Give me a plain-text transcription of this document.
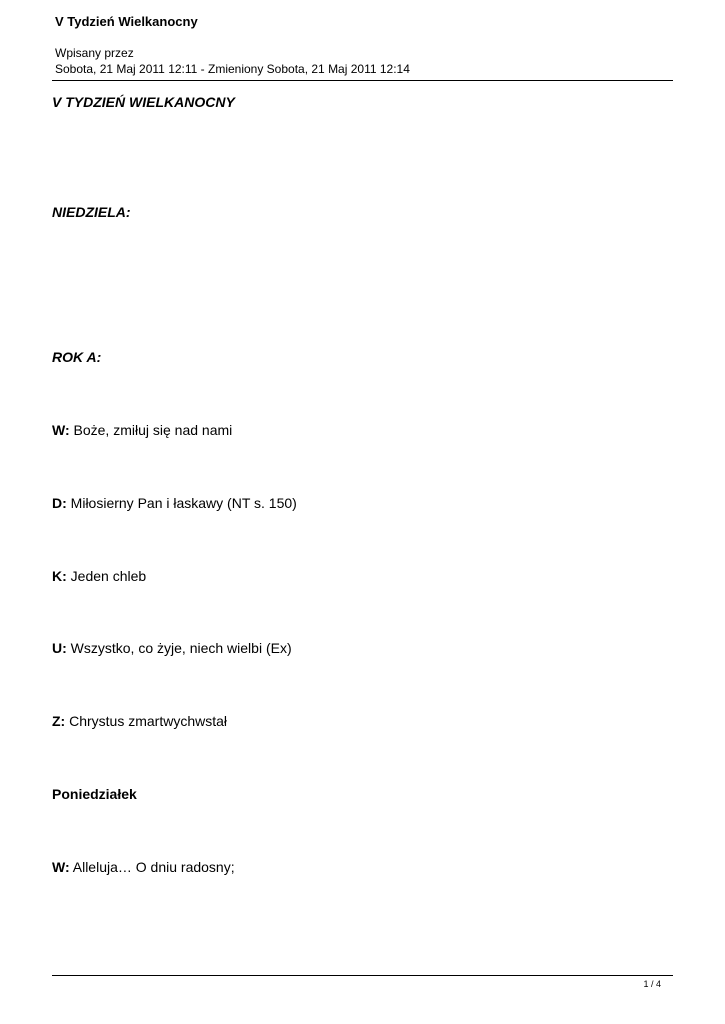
V Tydzień Wielkanocny
Wpisany przez
Sobota, 21 Maj 2011 12:11 - Zmieniony Sobota, 21 Maj 2011 12:14
V TYDZIEŃ WIELKANOCNY
NIEDZIELA:
ROK A:
W: Boże, zmiłuj się nad nami
D: Miłosierny Pan i łaskawy (NT s. 150)
K: Jeden chleb
U: Wszystko, co żyje, niech wielbi (Ex)
Z: Chrystus zmartwychwstał
Poniedziałek
W: Alleluja… O dniu radosny;
1 / 4
